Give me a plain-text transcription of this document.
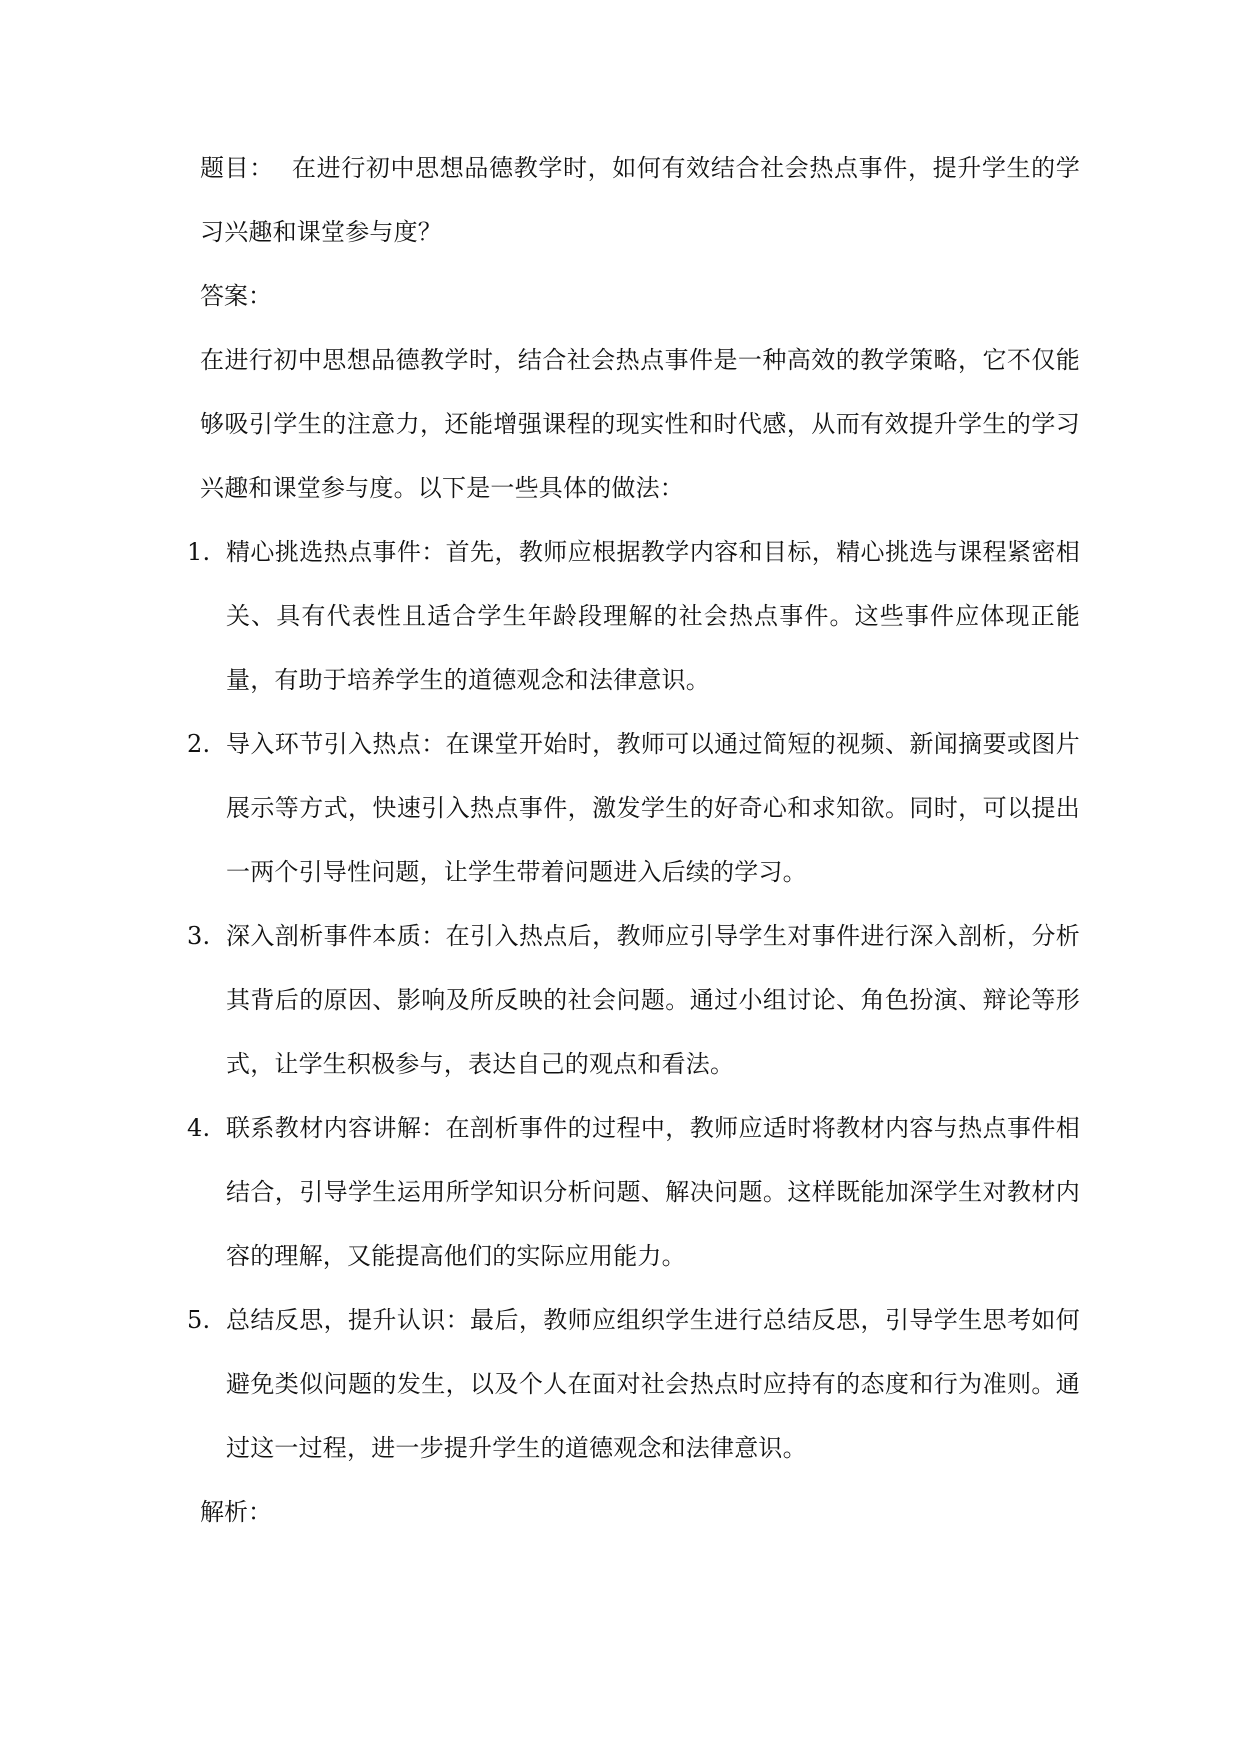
题目： 在进行初中思想品德教学时，如何有效结合社会热点事件，提升学生的学习兴趣和课堂参与度？

答案：

在进行初中思想品德教学时，结合社会热点事件是一种高效的教学策略，它不仅能够吸引学生的注意力，还能增强课程的现实性和时代感，从而有效提升学生的学习兴趣和课堂参与度。以下是一些具体的做法：

1. 精心挑选热点事件：首先，教师应根据教学内容和目标，精心挑选与课程紧密相关、具有代表性且适合学生年龄段理解的社会热点事件。这些事件应体现正能量，有助于培养学生的道德观念和法律意识。
2. 导入环节引入热点：在课堂开始时，教师可以通过简短的视频、新闻摘要或图片展示等方式，快速引入热点事件，激发学生的好奇心和求知欲。同时，可以提出一两个引导性问题，让学生带着问题进入后续的学习。
3. 深入剖析事件本质：在引入热点后，教师应引导学生对事件进行深入剖析，分析其背后的原因、影响及所反映的社会问题。通过小组讨论、角色扮演、辩论等形式，让学生积极参与，表达自己的观点和看法。
4. 联系教材内容讲解：在剖析事件的过程中，教师应适时将教材内容与热点事件相结合，引导学生运用所学知识分析问题、解决问题。这样既能加深学生对教材内容的理解，又能提高他们的实际应用能力。
5. 总结反思，提升认识：最后，教师应组织学生进行总结反思，引导学生思考如何避免类似问题的发生，以及个人在面对社会热点时应持有的态度和行为准则。通过这一过程，进一步提升学生的道德观念和法律意识。

解析：
